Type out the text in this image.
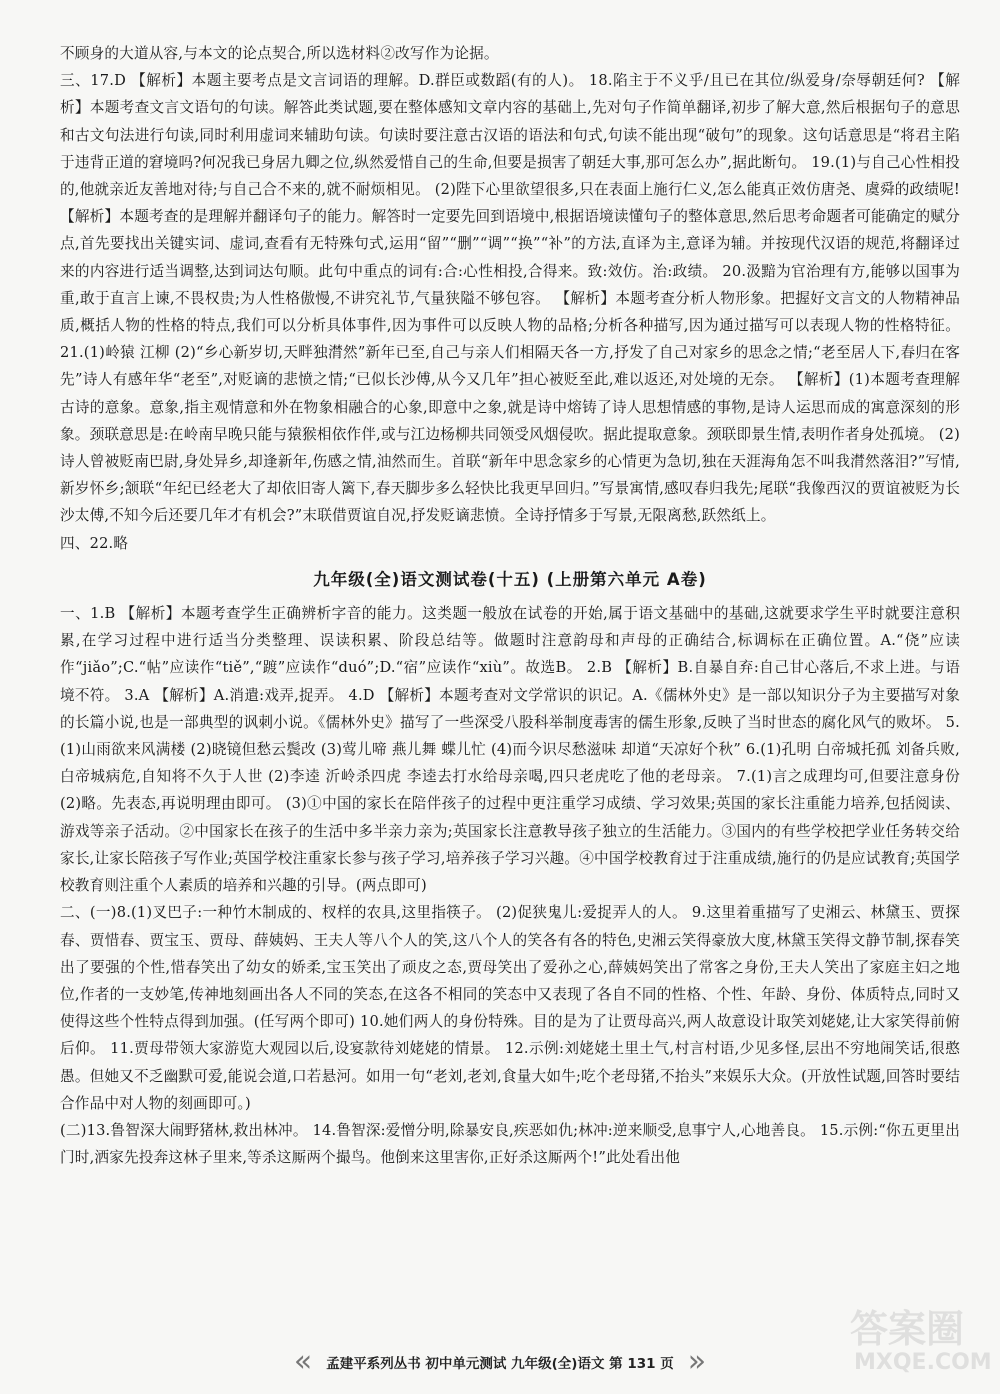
不顾身的大道从容,与本文的论点契合,所以选材料②改写作为论据。

三、17.D 【解析】本题主要考点是文言词语的理解。D.群臣或数蹈(有的人)。 18.陷主于不义乎/且已在其位/纵爱身/奈辱朝廷何? 【解析】本题考查文言文语句的句读。解答此类试题,要在整体感知文章内容的基础上,先对句子作简单翻译,初步了解大意,然后根据句子的意思和古文句法进行句读,同时利用虚词来辅助句读。句读时要注意古汉语的语法和句式,句读不能出现“破句”的现象。这句话意思是“将君主陷于违背正道的窘境吗?何况我已身居九卿之位,纵然爱惜自己的生命,但要是损害了朝廷大事,那可怎么办”,据此断句。 19.(1)与自己心性相投的,他就亲近友善地对待;与自己合不来的,就不耐烦相见。 (2)陛下心里欲望很多,只在表面上施行仁义,怎么能真正效仿唐尧、虞舜的政绩呢! 【解析】本题考查的是理解并翻译句子的能力。解答时一定要先回到语境中,根据语境读懂句子的整体意思,然后思考命题者可能确定的赋分点,首先要找出关键实词、虚词,查看有无特殊句式,运用“留”“删”“调”“换”“补”的方法,直译为主,意译为辅。并按现代汉语的规范,将翻译过来的内容进行适当调整,达到词达句顺。此句中重点的词有:合:心性相投,合得来。致:效仿。治:政绩。 20.汲黯为官治理有方,能够以国事为重,敢于直言上谏,不畏权贵;为人性格傲慢,不讲究礼节,气量狭隘不够包容。 【解析】本题考查分析人物形象。把握好文言文的人物精神品质,概括人物的性格的特点,我们可以分析具体事件,因为事件可以反映人物的品格;分析各种描写,因为通过描写可以表现人物的性格特征。 21.(1)岭猿 江柳 (2)“乡心新岁切,天畔独潸然”新年已至,自己与亲人们相隔天各一方,抒发了自己对家乡的思念之情;“老至居人下,春归在客先”诗人有感年华“老至”,对贬谪的悲愤之情;“已似长沙傅,从今又几年”担心被贬至此,难以返还,对处境的无奈。 【解析】(1)本题考查理解古诗的意象。意象,指主观情意和外在物象相融合的心象,即意中之象,就是诗中熔铸了诗人思想情感的事物,是诗人运思而成的寓意深刻的形象。颈联意思是:在岭南早晚只能与猿猴相依作伴,或与江边杨柳共同领受风烟侵吹。据此提取意象。颈联即景生情,表明作者身处孤境。 (2)诗人曾被贬南巴尉,身处异乡,却逢新年,伤感之情,油然而生。首联“新年中思念家乡的心情更为急切,独在天涯海角怎不叫我潸然落泪?”写情,新岁怀乡;颔联“年纪已经老大了却依旧寄人篱下,春天脚步多么轻快比我更早回归。”写景寓情,感叹春归我先;尾联“我像西汉的贾谊被贬为长沙太傅,不知今后还要几年才有机会?”末联借贾谊自况,抒发贬谪悲愤。全诗抒情多于写景,无限离愁,跃然纸上。

四、22.略

九年级(全)语文测试卷(十五) (上册第六单元 A卷)

一、1.B 【解析】本题考查学生正确辨析字音的能力。这类题一般放在试卷的开始,属于语文基础中的基础,这就要求学生平时就要注意积累,在学习过程中进行适当分类整理、误读积累、阶段总结等。做题时注意韵母和声母的正确结合,标调标在正确位置。A.“侥”应读作“jiǎo”;C.“帖”应读作“tiě”,“踱”应读作“duó”;D.“宿”应读作“xiù”。故选B。 2.B 【解析】B.自暴自弃:自己甘心落后,不求上进。与语境不符。 3.A 【解析】A.消遣:戏弄,捉弄。 4.D 【解析】本题考查对文学常识的识记。A.《儒林外史》是一部以知识分子为主要描写对象的长篇小说,也是一部典型的讽刺小说。《儒林外史》描写了一些深受八股科举制度毒害的儒生形象,反映了当时世态的腐化风气的败坏。 5.(1)山雨欲来风满楼 (2)晓镜但愁云鬓改 (3)莺儿啼 燕儿舞 蝶儿忙 (4)而今识尽愁滋味 却道“天凉好个秋” 6.(1)孔明 白帝城托孤 刘备兵败,白帝城病危,自知将不久于人世 (2)李逵 沂岭杀四虎 李逵去打水给母亲喝,四只老虎吃了他的老母亲。 7.(1)言之成理均可,但要注意身份 (2)略。先表态,再说明理由即可。 (3)①中国的家长在陪伴孩子的过程中更注重学习成绩、学习效果;英国的家长注重能力培养,包括阅读、游戏等亲子活动。②中国家长在孩子的生活中多半亲力亲为;英国家长注意教导孩子独立的生活能力。③国内的有些学校把学业任务转交给家长,让家长陪孩子写作业;英国学校注重家长参与孩子学习,培养孩子学习兴趣。④中国学校教育过于注重成绩,施行的仍是应试教育;英国学校教育则注重个人素质的培养和兴趣的引导。(两点即可)

二、(一)8.(1)叉巴子:一种竹木制成的、杈样的农具,这里指筷子。 (2)促狭鬼儿:爱捉弄人的人。 9.这里着重描写了史湘云、林黛玉、贾探春、贾惜春、贾宝玉、贾母、薛姨妈、王夫人等八个人的笑,这八个人的笑各有各的特色,史湘云笑得豪放大度,林黛玉笑得文静节制,探春笑出了要强的个性,惜春笑出了幼女的娇柔,宝玉笑出了顽皮之态,贾母笑出了爱孙之心,薛姨妈笑出了常客之身份,王夫人笑出了家庭主妇之地位,作者的一支妙笔,传神地刻画出各人不同的笑态,在这各不相同的笑态中又表现了各自不同的性格、个性、年龄、身份、体质特点,同时又使得这些个性特点得到加强。(任写两个即可) 10.她们两人的身份特殊。目的是为了让贾母高兴,两人故意设计取笑刘姥姥,让大家笑得前俯后仰。 11.贾母带领大家游览大观园以后,设宴款待刘姥姥的情景。 12.示例:刘姥姥土里土气,村言村语,少见多怪,层出不穷地闹笑话,很憨愚。但她又不乏幽默可爱,能说会道,口若悬河。如用一句“老刘,老刘,食量大如牛;吃个老母猪,不抬头”来娱乐大众。(开放性试题,回答时要结合作品中对人物的刻画即可。)

(二)13.鲁智深大闹野猪林,救出林冲。 14.鲁智深:爱憎分明,除暴安良,疾恶如仇;林冲:逆来顺受,息事宁人,心地善良。 15.示例:“你五更里出门时,洒家先投奔这林子里来,等杀这厮两个撮鸟。他倒来这里害你,正好杀这厮两个!”此处看出他

« 孟建平系列丛书 初中单元测试 九年级(全)语文 第 131 页 »
答案圈
MXQE.COM
